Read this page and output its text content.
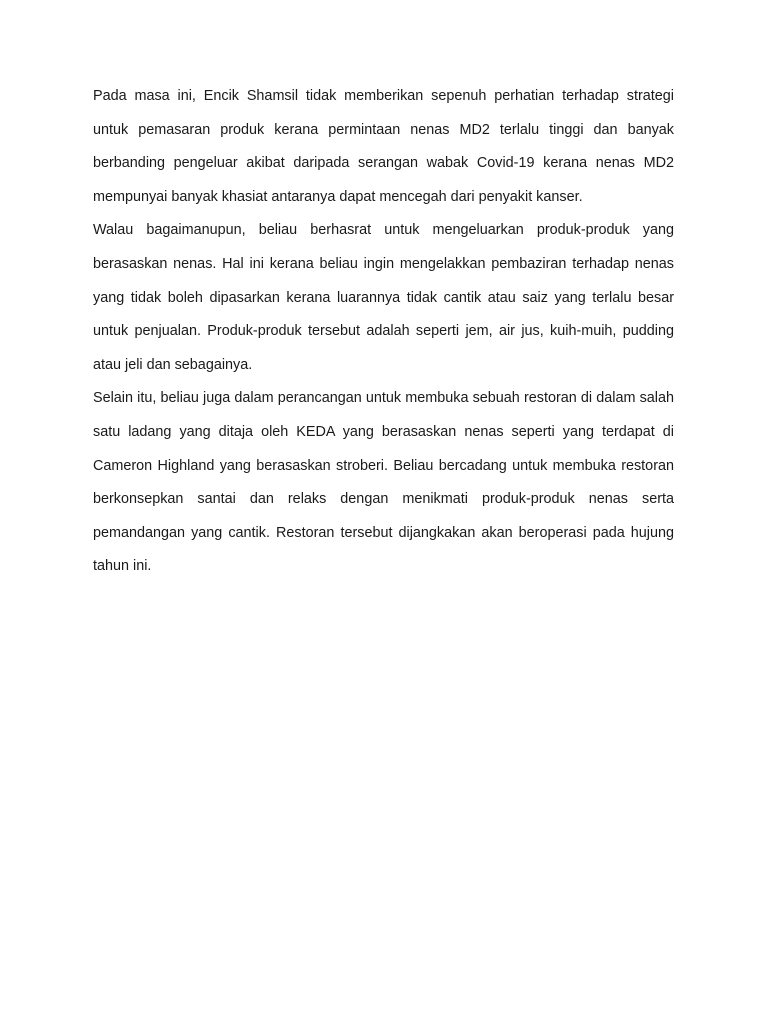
Pada masa ini, Encik Shamsil tidak memberikan sepenuh perhatian terhadap strategi untuk pemasaran produk kerana permintaan nenas MD2 terlalu tinggi dan banyak berbanding pengeluar akibat daripada serangan wabak Covid-19 kerana nenas MD2 mempunyai banyak khasiat antaranya dapat mencegah dari penyakit kanser.

Walau bagaimanupun, beliau berhasrat untuk mengeluarkan produk-produk yang berasaskan nenas. Hal ini kerana beliau ingin mengelakkan pembaziran terhadap nenas yang tidak boleh dipasarkan kerana luarannya tidak cantik atau saiz yang terlalu besar untuk penjualan. Produk-produk tersebut adalah seperti jem, air jus, kuih-muih, pudding atau jeli dan sebagainya.

Selain itu, beliau juga dalam perancangan untuk membuka sebuah restoran di dalam salah satu ladang yang ditaja oleh KEDA yang berasaskan nenas seperti yang terdapat di Cameron Highland yang berasaskan stroberi. Beliau bercadang untuk membuka restoran berkonsepkan santai dan relaks dengan menikmati produk-produk nenas serta pemandangan yang cantik. Restoran tersebut dijangkakan akan beroperasi pada hujung tahun ini.
